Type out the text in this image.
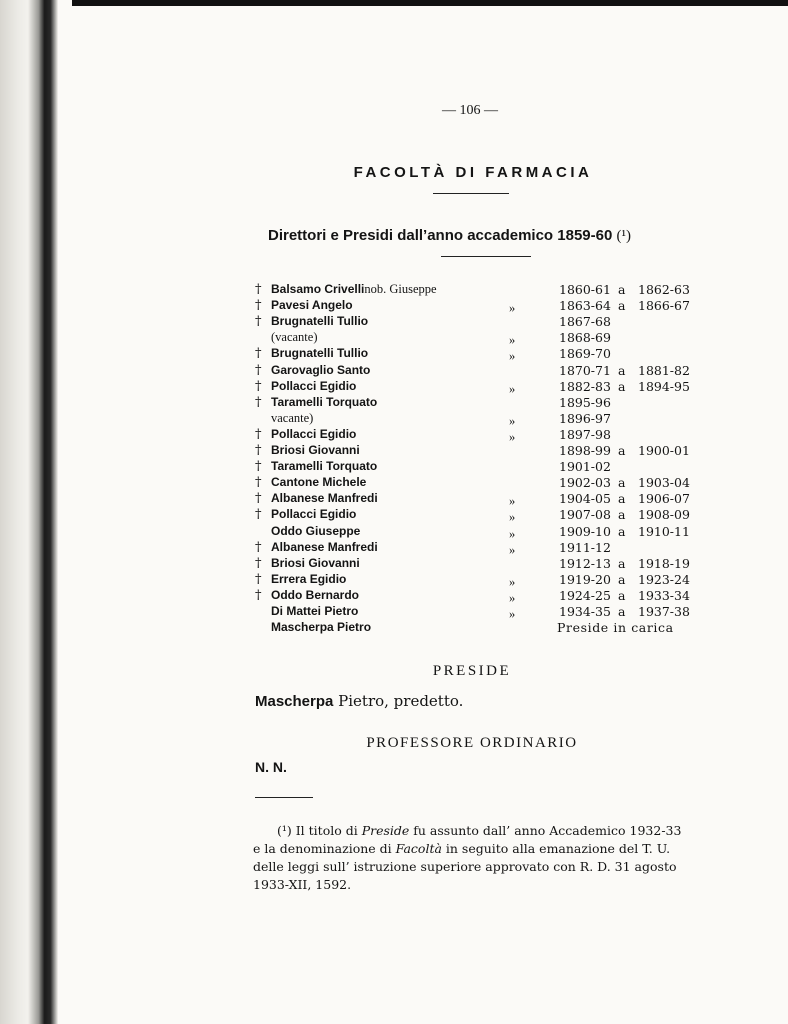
— 106 —
FACOLTÀ DI FARMACIA
Direttori e Presidi dall’anno accademico 1859-60 (¹)
† Balsamo Crivelli nob. Giuseppe	1860-61 a 1862-63
† Pavesi Angelo	»	1863-64 a 1866-67
† Brugnatelli Tullio	1867-68
(vacante)	»	1868-69
† Brugnatelli Tullio	»	1869-70
† Garovaglio Santo	1870-71 a 1881-82
† Pollacci Egidio	»	1882-83 a 1894-95
† Taramelli Torquato	1895-96
vacante)	»	1896-97
† Pollacci Egidio	»	1897-98
† Briosi Giovanni	1898-99 a 1900-01
† Taramelli Torquato	1901-02
† Cantone Michele	1902-03 a 1903-04
† Albanese Manfredi	»	1904-05 a 1906-07
† Pollacci Egidio	»	1907-08 a 1908-09
Oddo Giuseppe	»	1909-10 a 1910-11
† Albanese Manfredi	»	1911-12
† Briosi Giovanni	1912-13 a 1918-19
† Errera Egidio	»	1919-20 a 1923-24
† Oddo Bernardo	»	1924-25 a 1933-34
Di Mattei Pietro	»	1934-35 a 1937-38
Mascherpa Pietro	Preside in carica
PRESIDE
Mascherpa Pietro, predetto.
PROFESSORE ORDINARIO
N. N.
(¹) Il titolo di Preside fu assunto dall’ anno Accademico 1932-33
e la denominazione di Facoltà in seguito alla emanazione del T. U.
delle leggi sull’ istruzione superiore approvato con R. D. 31 agosto
1933-XII, 1592.
